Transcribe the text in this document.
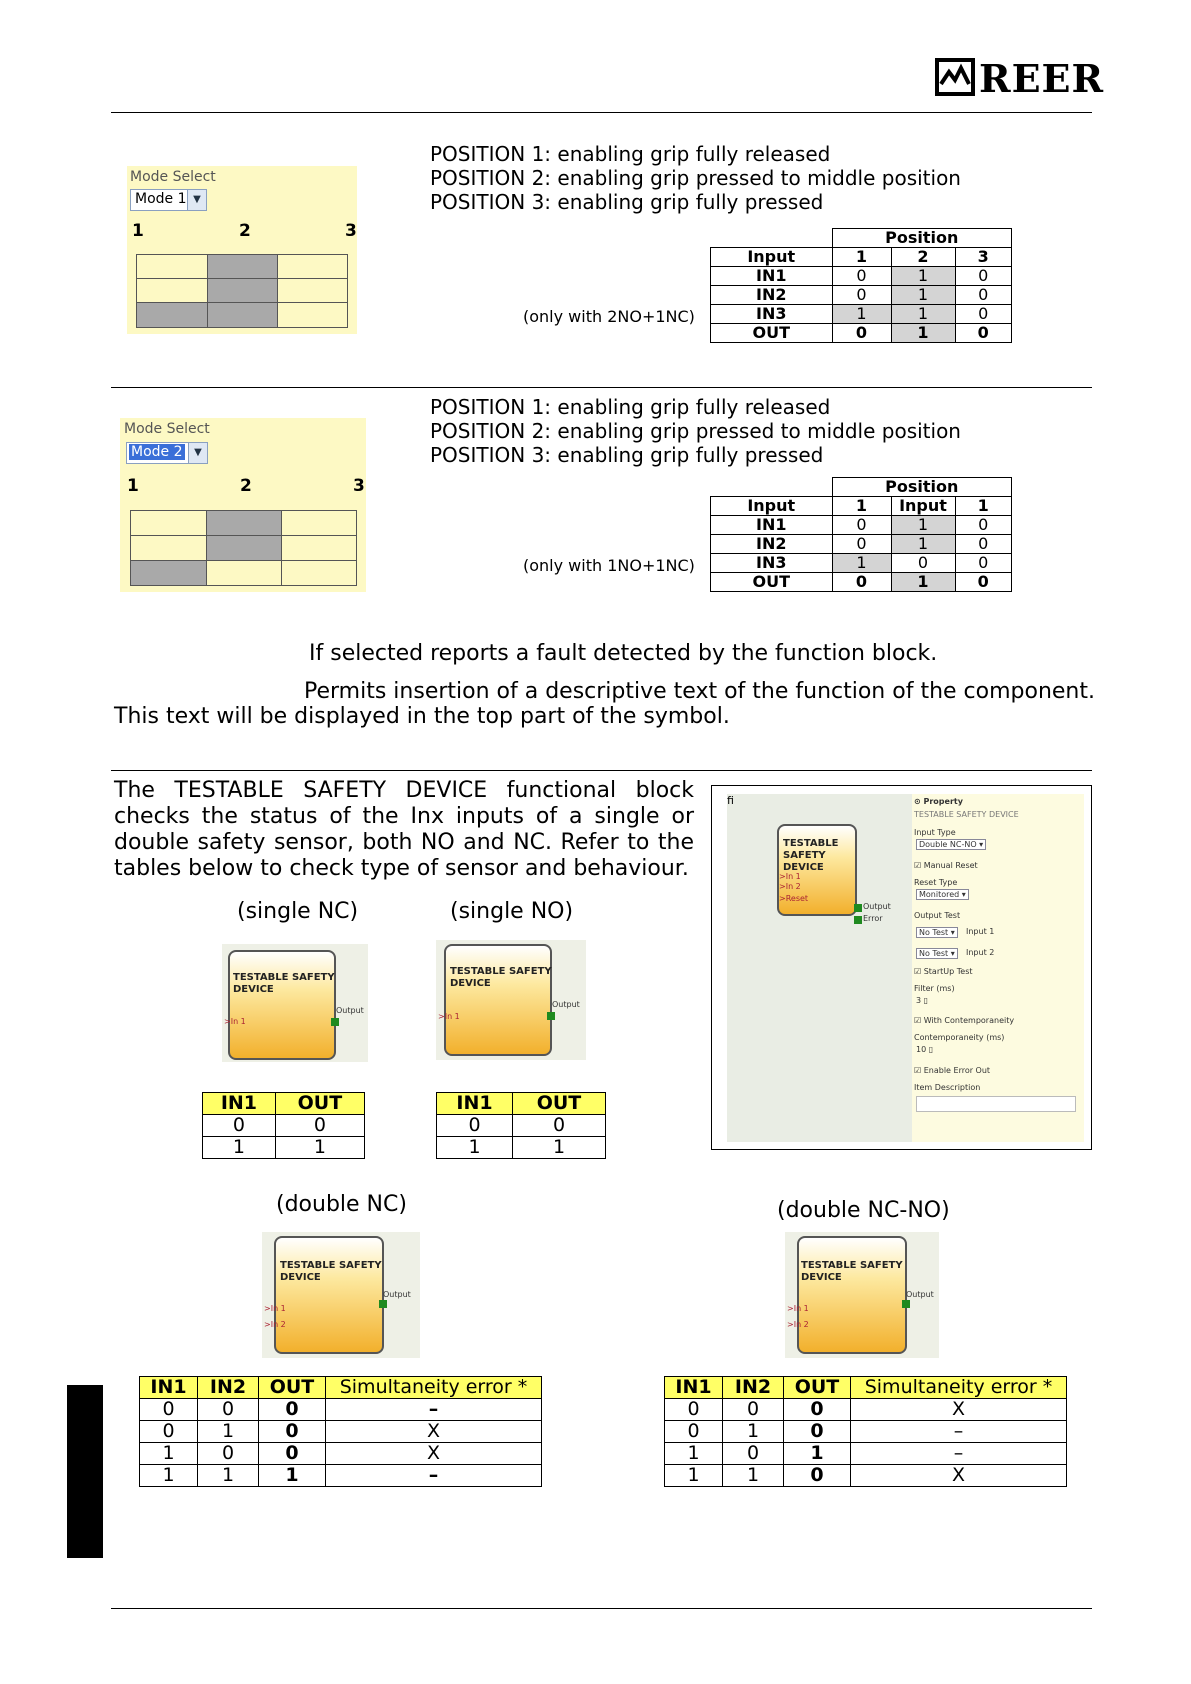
REER
Mode Select
Mode 1 ▼
1	2	3
POSITION 1: enabling grip fully released
POSITION 2: enabling grip pressed to middle position
POSITION 3: enabling grip fully pressed
(only with 2NO+1NC)
	Position		
Input	1	2	3
IN1	0	1	0
IN2	0	1	0
IN3	1	1	0
OUT	0	1	0
Mode Select
Mode 2	▼
1	2	3
POSITION 1: enabling grip fully released
POSITION 2: enabling grip pressed to middle position
POSITION 3: enabling grip fully pressed
(only with 1NO+1NC)
	Position		
Input	1	Input	1
IN1	0	1	0
IN2	0	1	0
IN3	1	0	0
OUT	0	1	0
If selected reports a fault detected by the function block.
Permits insertion of a descriptive text of the function of the component.
This text will be displayed in the top part of the symbol.
The TESTABLE SAFETY DEVICE functional block checks the status of the Inx inputs of a single or double safety sensor, both NO and NC. Refer to the tables below to check type of sensor and behaviour.
TESTABLE SAFETY
DEVICE
>In 1
>In 2
>Reset
Output
Error
fi	⊙ Property
TESTABLE SAFETY DEVICE
Input Type
Double NC-NO ▾
☑ Manual Reset
Reset Type
Monitored ▾
Output Test
No Test ▾	Input 1
No Test ▾	Input 2
☑ StartUp Test
Filter (ms)
3 ▯
☑ With Contemporaneity
Contemporaneity (ms)
10 ▯
☑ Enable Error Out
Item Description
(single NC)	(single NO)
TESTABLE SAFETY
DEVICE
>In 1
Output
TESTABLE SAFETY
DEVICE
>In 1
Output
IN1	OUT
0	0
1	1
IN1	OUT
0	0
1	1
(double NC)	(double NC-NO)
TESTABLE SAFETY
DEVICE
>In 1
>In 2
Output
TESTABLE SAFETY
DEVICE
>In 1
>In 2
Output
IN1	IN2	OUT	Simultaneity error *
0	0	0	–
0	1	0	X
1	0	0	X
1	1	1	–
IN1	IN2	OUT	Simultaneity error *
0	0	0	X
0	1	0	–
1	0	1	–
1	1	0	X
